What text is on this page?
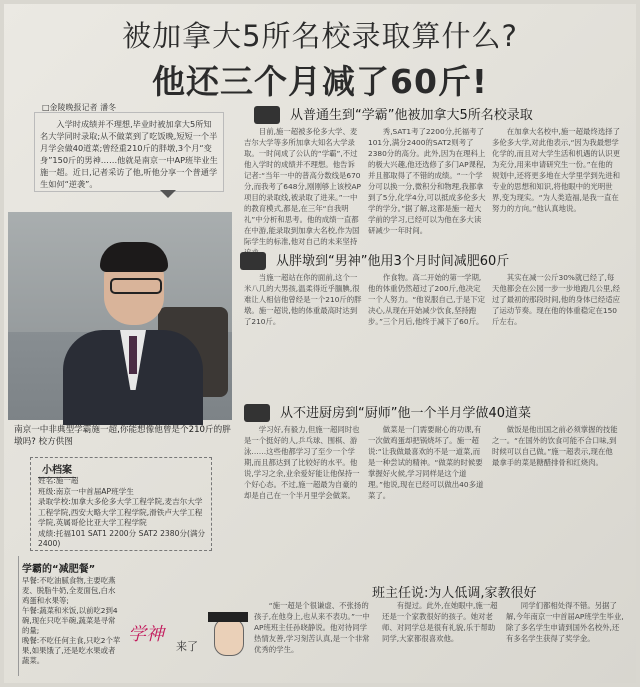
被加拿大5所名校录取算什么?
他还三个月减了60斤!
□金陵晚报记者 潘冬
入学时成绩并不理想,毕业时被加拿大5所知名大学同时录取;从不做菜到了吃饭晚,短短一个半月学会做40道菜;曾经重210斤的胖墩,3个月“变身”150斤的男神……他就是南京一中AP班毕业生施一超。近日,记者采访了他,听他分享一个普通学生如何“逆袭”。
南京一中非典型学霸施一超,你能想像他曾是个210斤的胖墩吗? 校方供图
小档案
姓名:施一超
班级:南京一中首届AP班学生
录取学校:加拿大多伦多大学工程学院,麦吉尔大学工程学院,西安大略大学工程学院,滑铁卢大学工程学院,英属哥伦比亚大学工程学院
成绩:托福101 SAT1 2200分 SAT2 2380分(满分2400)
学霸的“减肥餐”
早餐:不吃油腻食物,主要吃燕麦、脱脂牛奶,全麦面包,白水鸡蛋和水果等;
午餐:蔬菜和米饭,以前吃2到4碗,现在只吃半碗,蔬菜是寻常的量;
晚餐:不吃任何主食,只吃2个苹果,如果饿了,还是吃水果或者蔬菜。
学神
来了
从普通生到“学霸”他被加拿大5所名校录取
目前,施一超被多伦多大学、麦吉尔大学等多所加拿大知名大学录取。一时间成了公认的“学霸”,不过他入学时的成绩并不理想。他告诉记者:“当年一中的普高分数线是670分,而我考了648分,刚刚够上该校AP项目的录取线,被录取了进来。”一中的教育模式,都是,在三年“自我明礼”中分析和思考。他的成绩一直都在中游,能录取到加拿大名校,作为国际学生的标准,他对自己的未来坚持
秀,SAT1考了2200分,托福考了101分,满分2400的SAT2则考了2380分的高分。此外,因为在理科上的极大兴趣,他还选修了多门AP课程,并且都取得了不错的成绩。“一个学分可以换一分,微积分和物理,我都拿到了5分,化学4分,可以抵成多伦多大学的学分。”据了解,这都是施一超大学前的学习,已经可以为他在多大读研减少一年时间。
在加拿大名校中,施一超最终选择了多伦多大学,对此他表示,“因为我最想学化学的,而且对大学生活和机遇的认识更为充分,用来申请研究生一份。”在他的规划中,还将更多地在大学里学到先进和专业的思想和知识,将他眼中的光明世界,变为现实。“为人类造福,是我一直在努力的方向。”他认真地说。
从胖墩到“男神”他用3个月时间减肥60斤
当施一超站在你的面前,这个一米八几的大男孩,温柔得近乎腼腆,很难让人相信他曾经是一个210斤的胖墩。施一超说,他的体重最高时达到了210斤。
作食物。高二开始的第一学期,他的体重仍然超过了200斤,他决定一个人努力。“他说服自己,于是下定决心,从现在开始减少饮食,坚持跑步。”三个月后,他终于减下了60斤。
其实在减一公斤30%就已经了,每天他都会在公园一步一步地跑几公里,经过了最初的那段时间,他的身体已经适应了运动节奏。现在他的体重稳定在150斤左右。
从不进厨房到“厨师”他一个半月学做40道菜
学习好,有毅力,但施一超同时也是一个挺好的人,乒乓球、围棋、游泳……这些他都学习了至少一个学期,而且都达到了比较好的水平。他说,学习之余,业余爱好能让他保持一个好心态。不过,施一超最为自豪的却是自己在一个半月里学会做菜。
做菜是一门需要耐心的功课,有一次做鸡蛋却把锅烧坏了。施一超说:“让我做最喜欢的不是一道菜,而是一种尝试的精神。“做菜的时候要掌握好火候,学习同样是这个道理。”他说,现在已经可以做出40多道菜了。
做饭是他出国之前必须掌握的技能之一。“在国外的饮食可能不合口味,到时候可以自己做。”施一超表示,现在他最拿手的菜是糖醋排骨和红烧肉。
班主任说:为人低调,家教很好
“施一超是个很谦虚、不张扬的孩子,在他身上,也从来不表功。”一中AP班班主任孙晓静说。他对待同学热情友善,学习刻苦认真,是一个非常优秀的学生。
有提过。此外,在她眼中,施一超还是一个家教很好的孩子。她对老师、对同学总是很有礼貌,乐于帮助同学,大家都很喜欢他。
同学们都相处得不错。另据了解,今年南京一中首届AP班学生毕业,除了多名学生申请到国外名校外,还有多名学生获得了奖学金。
